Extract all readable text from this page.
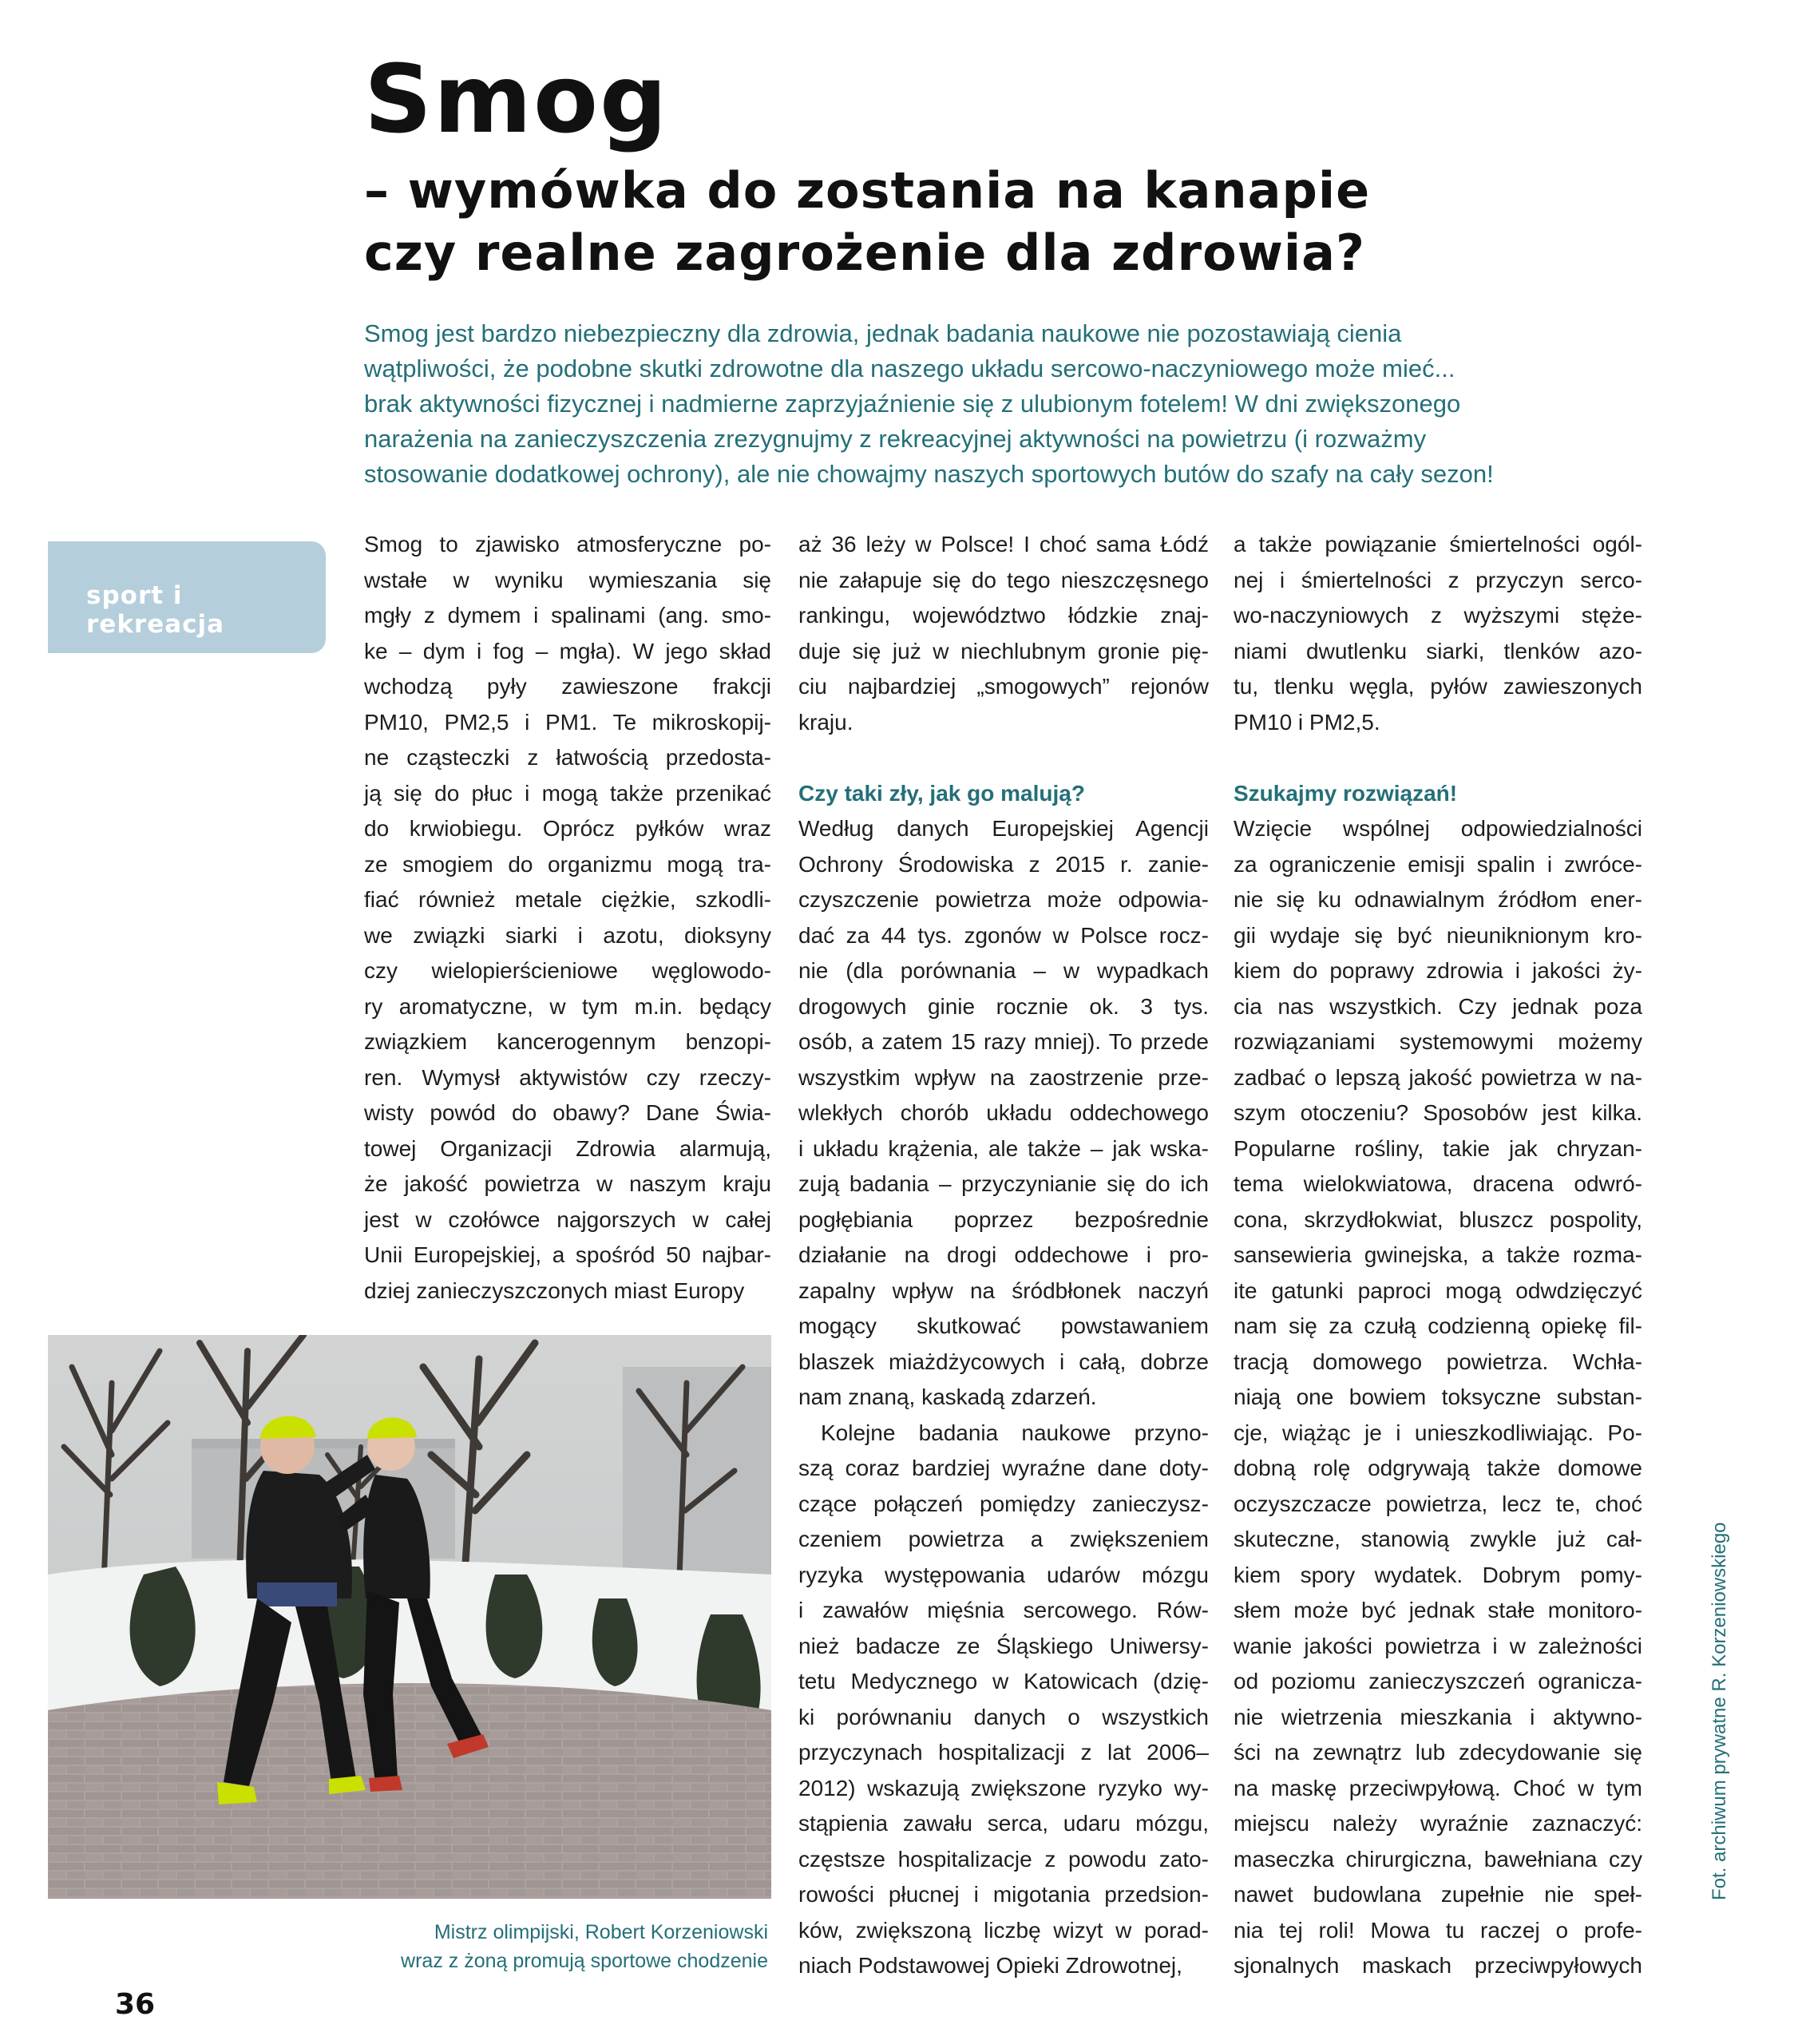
Smog
– wymówka do zostania na kanapie
czy realne zagrożenie dla zdrowia?

Smog jest bardzo niebezpieczny dla zdrowia, jednak badania naukowe nie pozostawiają cienia
wątpliwości, że podobne skutki zdrowotne dla naszego układu sercowo-naczyniowego może mieć...
brak aktywności fizycznej i nadmierne zaprzyjaźnienie się z ulubionym fotelem! W dni zwiększonego
narażenia na zanieczyszczenia zrezygnujmy z rekreacyjnej aktywności na powietrzu (i rozważmy
stosowanie dodatkowej ochrony), ale nie chowajmy naszych sportowych butów do szafy na cały sezon!

sport i rekreacja
Smog to zjawisko atmosferyczne po-
wstałe w wyniku wymieszania się
mgły z dymem i spalinami (ang. smo-
ke – dym i fog – mgła). W jego skład
wchodzą pyły zawieszone frakcji
PM10, PM2,5 i PM1. Te mikroskopij-
ne cząsteczki z łatwością przedosta-
ją się do płuc i mogą także przenikać
do krwiobiegu. Oprócz pyłków wraz
ze smogiem do organizmu mogą tra-
fiać również metale ciężkie, szkodli-
we związki siarki i azotu, dioksyny
czy wielopierścieniowe węglowodo-
ry aromatyczne, w tym m.in. będący
związkiem kancerogennym benzopi-
ren. Wymysł aktywistów czy rzeczy-
wisty powód do obawy? Dane Świa-
towej Organizacji Zdrowia alarmują,
że jakość powietrza w naszym kraju
jest w czołówce najgorszych w całej
Unii Europejskiej, a spośród 50 najbar-
dziej zanieczyszczonych miast Europy
aż 36 leży w Polsce! I choć sama Łódź
nie załapuje się do tego nieszczęsnego
rankingu, województwo łódzkie znaj-
duje się już w niechlubnym gronie pię-
ciu najbardziej „smogowych” rejonów
kraju.
Czy taki zły, jak go malują?
Według danych Europejskiej Agencji
Ochrony Środowiska z 2015 r. zanie-
czyszczenie powietrza może odpowia-
dać za 44 tys. zgonów w Polsce rocz-
nie (dla porównania – w wypadkach
drogowych ginie rocznie ok. 3 tys.
osób, a zatem 15 razy mniej). To przede
wszystkim wpływ na zaostrzenie prze-
wlekłych chorób układu oddechowego
i układu krążenia, ale także – jak wska-
zują badania – przyczynianie się do ich
pogłębiania poprzez bezpośrednie
działanie na drogi oddechowe i pro-
zapalny wpływ na śródbłonek naczyń
mogący skutkować powstawaniem
blaszek miażdżycowych i całą, dobrze
nam znaną, kaskadą zdarzeń.
Kolejne badania naukowe przyno-
szą coraz bardziej wyraźne dane doty-
czące połączeń pomiędzy zanieczysz-
czeniem powietrza a zwiększeniem
ryzyka występowania udarów mózgu
i zawałów mięśnia sercowego. Rów-
nież badacze ze Śląskiego Uniwersy-
tetu Medycznego w Katowicach (dzię-
ki porównaniu danych o wszystkich
przyczynach hospitalizacji z lat 2006–
2012) wskazują zwiększone ryzyko wy-
stąpienia zawału serca, udaru mózgu,
częstsze hospitalizacje z powodu zato-
rowości płucnej i migotania przedsion-
ków, zwiększoną liczbę wizyt w porad-
niach Podstawowej Opieki Zdrowotnej,
a także powiązanie śmiertelności ogól-
nej i śmiertelności z przyczyn serco-
wo-naczyniowych z wyższymi stęże-
niami dwutlenku siarki, tlenków azo-
tu, tlenku węgla, pyłów zawieszonych
PM10 i PM2,5.
Szukajmy rozwiązań!
Wzięcie wspólnej odpowiedzialności
za ograniczenie emisji spalin i zwróce-
nie się ku odnawialnym źródłom ener-
gii wydaje się być nieuniknionym kro-
kiem do poprawy zdrowia i jakości ży-
cia nas wszystkich. Czy jednak poza
rozwiązaniami systemowymi możemy
zadbać o lepszą jakość powietrza w na-
szym otoczeniu? Sposobów jest kilka.
Popularne rośliny, takie jak chryzan-
tema wielokwiatowa, dracena odwró-
cona, skrzydłokwiat, bluszcz pospolity,
sansewieria gwinejska, a także rozma-
ite gatunki paproci mogą odwdzięczyć
nam się za czułą codzienną opiekę fil-
tracją domowego powietrza. Wchła-
niają one bowiem toksyczne substan-
cje, wiążąc je i unieszkodliwiając. Po-
dobną rolę odgrywają także domowe
oczyszczacze powietrza, lecz te, choć
skuteczne, stanowią zwykle już cał-
kiem spory wydatek. Dobrym pomy-
słem może być jednak stałe monitoro-
wanie jakości powietrza i w zależności
od poziomu zanieczyszczeń ogranicza-
nie wietrzenia mieszkania i aktywno-
ści na zewnątrz lub zdecydowanie się
na maskę przeciwpyłową. Choć w tym
miejscu należy wyraźnie zaznaczyć:
maseczka chirurgiczna, bawełniana czy
nawet budowlana zupełnie nie speł-
nia tej roli! Mowa tu raczej o profe-
sjonalnych maskach przeciwpyłowych
Mistrz olimpijski, Robert Korzeniowski
wraz z żoną promują sportowe chodzenie
Fot. archiwum prywatne R. Korzeniowskiego
36
